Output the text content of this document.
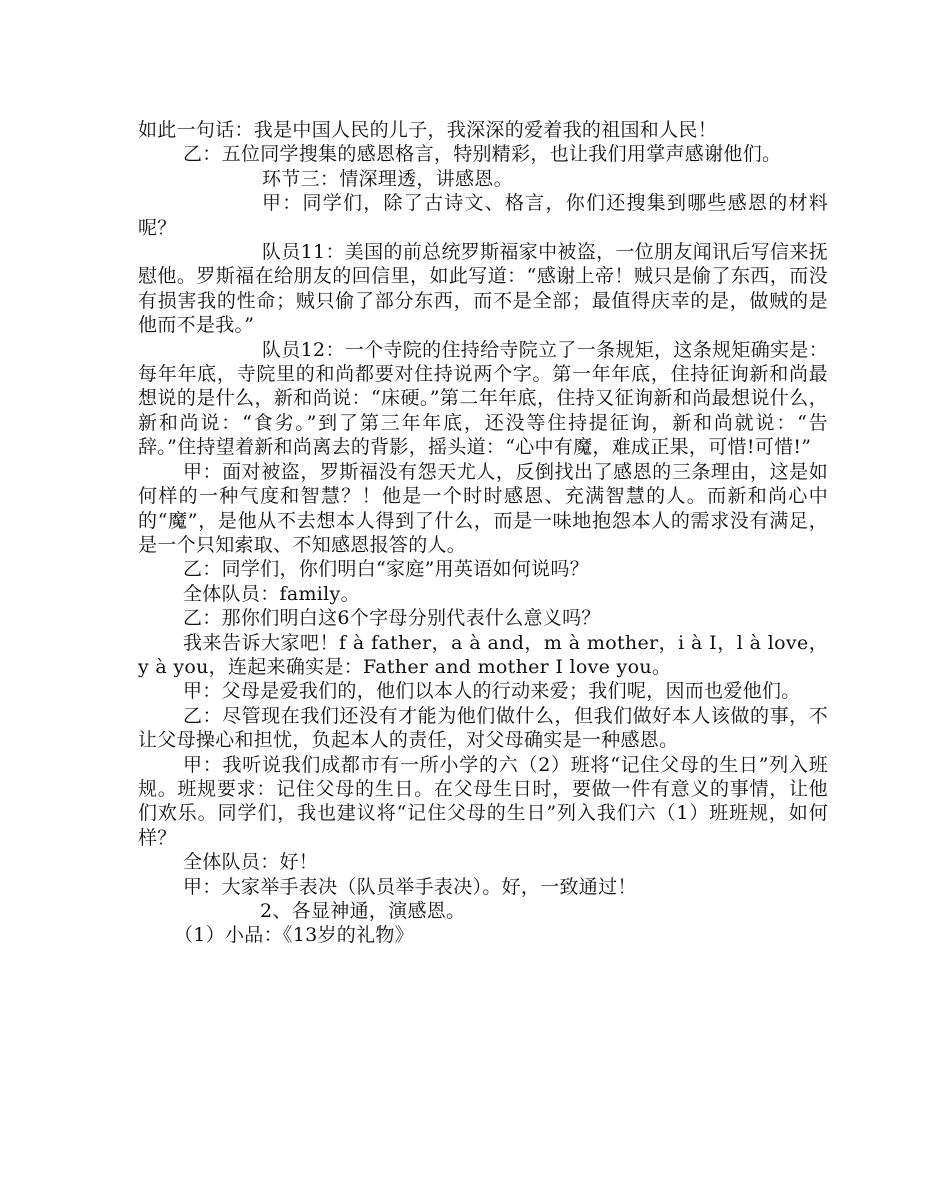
如此一句话：我是中国人民的儿子，我深深的爱着我的祖国和人民！

乙：五位同学搜集的感恩格言，特别精彩，也让我们用掌声感谢他们。

环节三：情深理透，讲感恩。

甲：同学们，除了古诗文、格言，你们还搜集到哪些感恩的材料呢？

队员11：美国的前总统罗斯福家中被盗，一位朋友闻讯后写信来抚慰他。罗斯福在给朋友的回信里，如此写道：“感谢上帝！贼只是偷了东西，而没有损害我的性命；贼只偷了部分东西，而不是全部；最值得庆幸的是，做贼的是他而不是我。”

队员12：一个寺院的住持给寺院立了一条规矩，这条规矩确实是：每年年底，寺院里的和尚都要对住持说两个字。第一年年底，住持征询新和尚最想说的是什么，新和尚说：“床硬。”第二年年底，住持又征询新和尚最想说什么，新和尚说：“食劣。”到了第三年年底，还没等住持提征询，新和尚就说：“告辞。”住持望着新和尚离去的背影，摇头道：“心中有魔，难成正果，可惜!可惜!”

甲：面对被盗，罗斯福没有怨天尤人，反倒找出了感恩的三条理由，这是如何样的一种气度和智慧？！他是一个时时感恩、充满智慧的人。而新和尚心中的“魔”，是他从不去想本人得到了什么，而是一味地抱怨本人的需求没有满足，是一个只知索取、不知感恩报答的人。

乙：同学们，你们明白“家庭”用英语如何说吗？

全体队员：family。

乙：那你们明白这6个字母分别代表什么意义吗？

我来告诉大家吧！f à father，a à and，m à mother，i à I，l à love，y à you，连起来确实是：Father and mother I love you。

甲：父母是爱我们的，他们以本人的行动来爱；我们呢，因而也爱他们。

乙：尽管现在我们还没有才能为他们做什么，但我们做好本人该做的事，不让父母操心和担忧，负起本人的责任，对父母确实是一种感恩。

甲：我听说我们成都市有一所小学的六（2）班将“记住父母的生日”列入班规。班规要求：记住父母的生日。在父母生日时，要做一件有意义的事情，让他们欢乐。同学们，我也建议将“记住父母的生日”列入我们六（1）班班规，如何样？

全体队员：好！

甲：大家举手表决（队员举手表决）。好，一致通过！

2、各显神通，演感恩。

（1）小品：《13岁的礼物》
